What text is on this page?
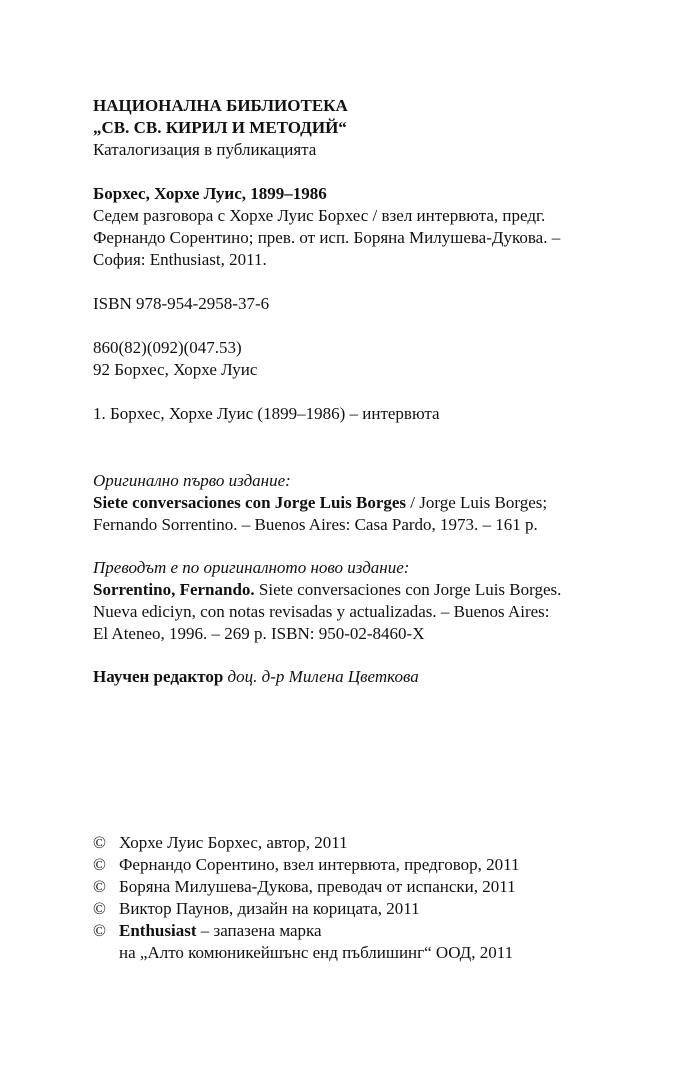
НАЦИОНАЛНА БИБЛИОТЕКА
„СВ. СВ. КИРИЛ И МЕТОДИЙ“
Каталогизация в публикацията
Борхес, Хорхе Луис, 1899–1986
Седем разговора с Хорхе Луис Борхес / взел интервюта, предг.
Фернандо Сорентино; прев. от исп. Боряна Милушева-Дукова. –
София: Enthusiast, 2011.
ISBN 978-954-2958-37-6
860(82)(092)(047.53)
92 Борхес, Хорхе Луис
1. Борхес, Хорхе Луис (1899–1986) – интервюта
Оригинално първо издание:
Siete conversaciones con Jorge Luis Borges / Jorge Luis Borges;
Fernando Sorrentino. – Buenos Aires: Casa Pardo, 1973. – 161 p.
Преводът е по оригиналното ново издание:
Sorrentino, Fernando. Siete conversaciones con Jorge Luis Borges.
Nueva ediciyn, con notas revisadas y actualizadas. – Buenos Aires:
El Ateneo, 1996. – 269 p. ISBN: 950-02-8460-X
Научен редактор доц. д-р Милена Цветкова
© Хорхе Луис Борхес, автор, 2011
© Фернандо Сорентино, взел интервюта, предговор, 2011
© Боряна Милушева-Дукова, преводач от испански, 2011
© Виктор Паунов, дизайн на корицата, 2011
© Enthusiast – запазена марка
на „Алто комюникейшънс енд пъблишинг“ ООД, 2011
